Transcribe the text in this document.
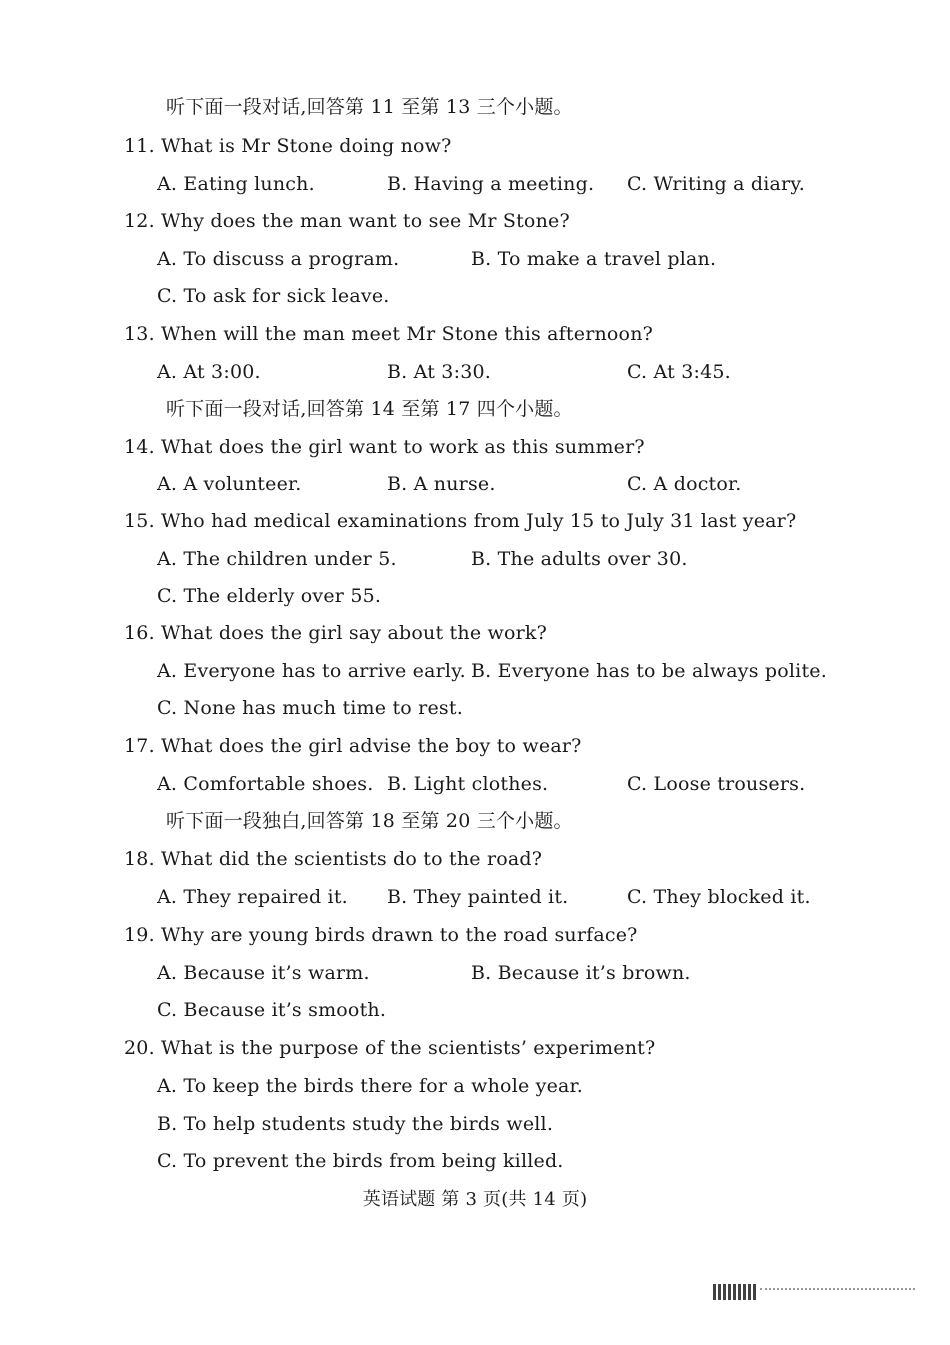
听下面一段对话,回答第 11 至第 13 三个小题。
11. What is Mr Stone doing now?
A. Eating lunch.	B. Having a meeting. C. Writing a diary.
12. Why does the man want to see Mr Stone?
A. To discuss a program.	B. To make a travel plan.
C. To ask for sick leave.
13. When will the man meet Mr Stone this afternoon?
A. At 3:00.	B. At 3:30.	C. At 3:45.
听下面一段对话,回答第 14 至第 17 四个小题。
14. What does the girl want to work as this summer?
A. A volunteer.	B. A nurse.	C. A doctor.
15. Who had medical examinations from July 15 to July 31 last year?
A. The children under 5.	B. The adults over 30.
C. The elderly over 55.
16. What does the girl say about the work?
A. Everyone has to arrive early. B. Everyone has to be always polite.
C. None has much time to rest.
17. What does the girl advise the boy to wear?
A. Comfortable shoes. B. Light clothes.	C. Loose trousers.
听下面一段独白,回答第 18 至第 20 三个小题。
18. What did the scientists do to the road?
A. They repaired it. B. They painted it.	C. They blocked it.
19. Why are young birds drawn to the road surface?
A. Because it’s warm.	B. Because it’s brown.
C. Because it’s smooth.
20. What is the purpose of the scientists’ experiment?
A. To keep the birds there for a whole year.
B. To help students study the birds well.
C. To prevent the birds from being killed.
英语试题 第 3 页(共 14 页)
